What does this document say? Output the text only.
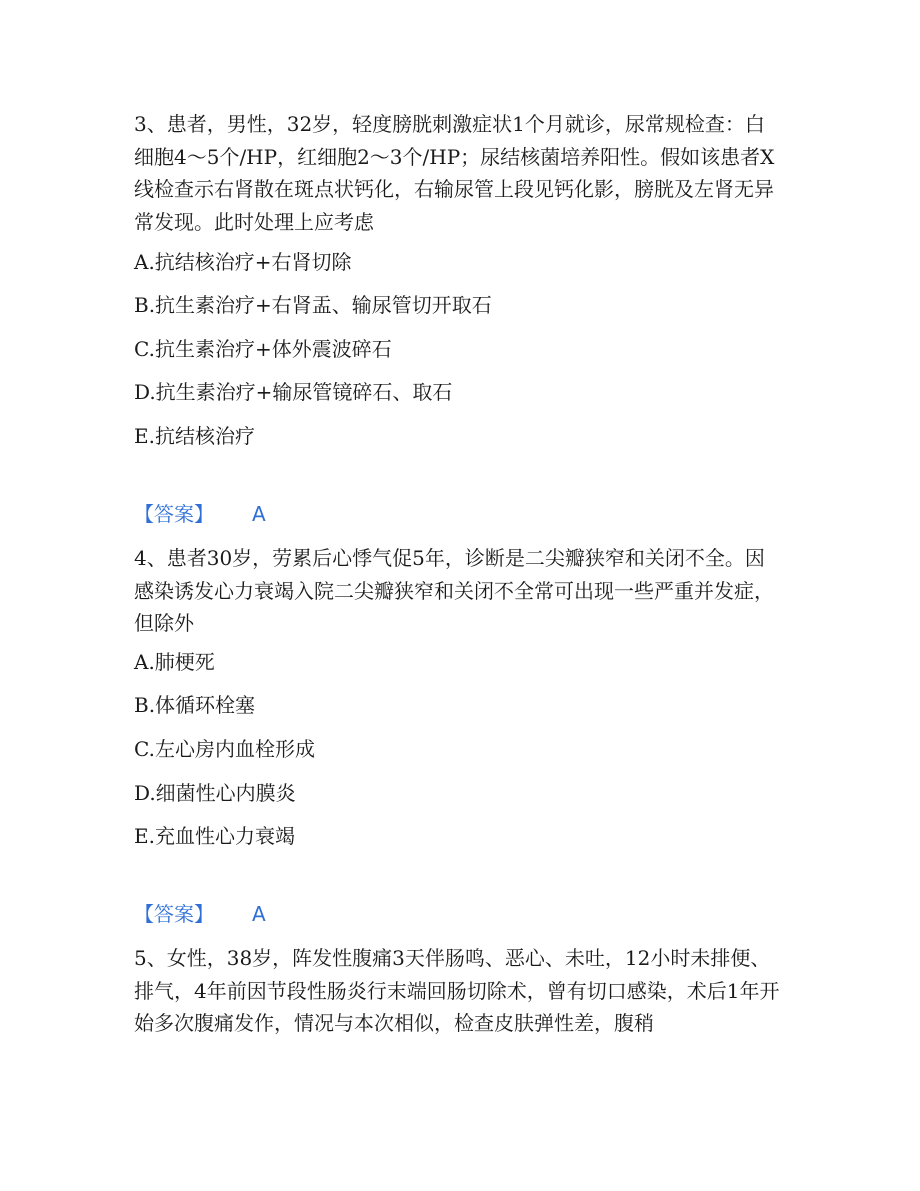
3、患者，男性，32岁，轻度膀胱刺激症状1个月就诊，尿常规检查：白细胞4～5个/HP，红细胞2～3个/HP；尿结核菌培养阳性。假如该患者X线检查示右肾散在斑点状钙化，右输尿管上段见钙化影，膀胱及左肾无异常发现。此时处理上应考虑
A.抗结核治疗+右肾切除
B.抗生素治疗+右肾盂、输尿管切开取石
C.抗生素治疗+体外震波碎石
D.抗生素治疗+输尿管镜碎石、取石
E.抗结核治疗
【答案】 A
4、患者30岁，劳累后心悸气促5年，诊断是二尖瓣狭窄和关闭不全。因感染诱发心力衰竭入院二尖瓣狭窄和关闭不全常可出现一些严重并发症，但除外
A.肺梗死
B.体循环栓塞
C.左心房内血栓形成
D.细菌性心内膜炎
E.充血性心力衰竭
【答案】 A
5、女性，38岁，阵发性腹痛3天伴肠鸣、恶心、未吐，12小时未排便、排气，4年前因节段性肠炎行末端回肠切除术，曾有切口感染，术后1年开始多次腹痛发作，情况与本次相似，检查皮肤弹性差，腹稍
